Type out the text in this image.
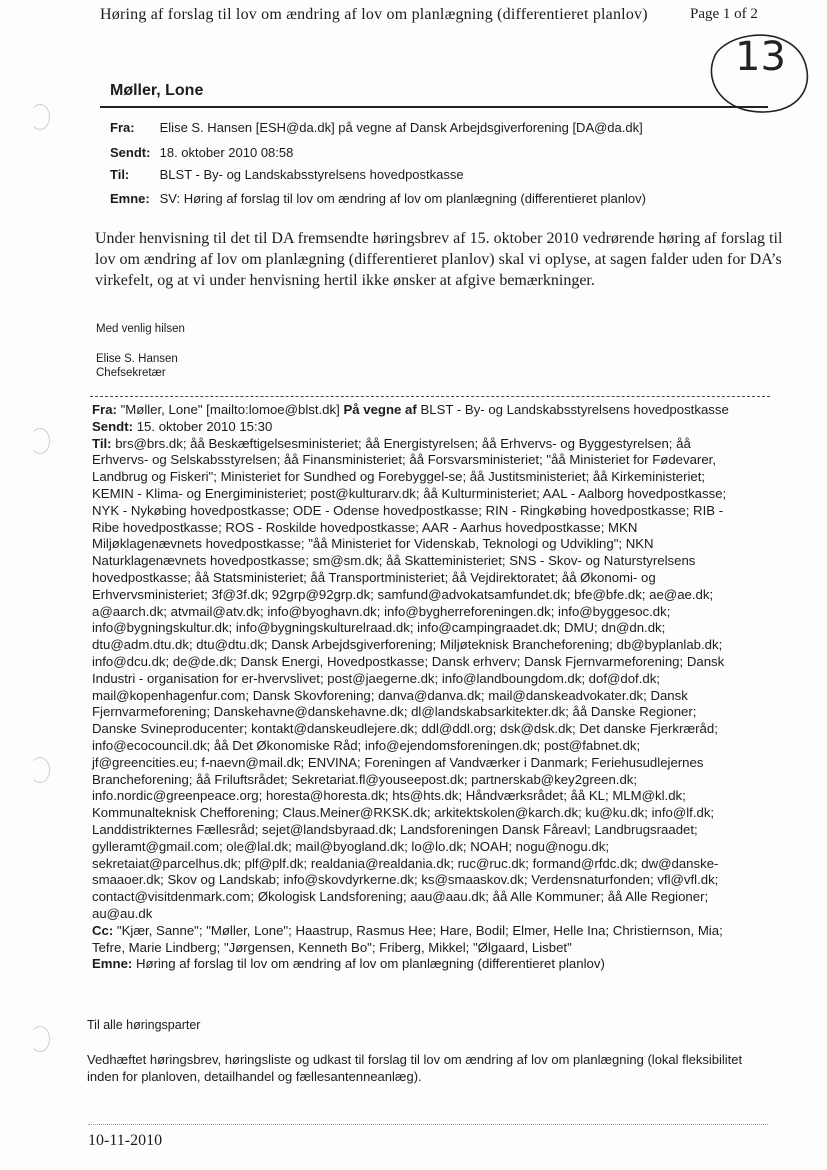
Høring af forslag til lov om ændring af lov om planlægning (differentieret planlov)	Page 1 of 2
13
Møller, Lone
Fra: Elise S. Hansen [ESH@da.dk] på vegne af Dansk Arbejdsgiverforening [DA@da.dk]
Sendt: 18. oktober 2010 08:58
Til: BLST - By- og Landskabsstyrelsens hovedpostkasse
Emne: SV: Høring af forslag til lov om ændring af lov om planlægning (differentieret planlov)
Under henvisning til det til DA fremsendte høringsbrev af 15. oktober 2010 vedrørende høring af forslag til lov om ændring af lov om planlægning (differentieret planlov) skal vi oplyse, at sagen falder uden for DA’s virkefelt, og at vi under henvisning hertil ikke ønsker at afgive bemærkninger.
Med venlig hilsen
Elise S. Hansen
Chefsekretær
Fra: "Møller, Lone" [mailto:lomoe@blst.dk] På vegne af BLST - By- og Landskabsstyrelsens hovedpostkasse
Sendt: 15. oktober 2010 15:30
Til: brs@brs.dk; åå Beskæftigelsesministeriet; åå Energistyrelsen; åå Erhvervs- og Byggestyrelsen; åå
Erhvervs- og Selskabsstyrelsen; åå Finansministeriet; åå Forsvarsministeriet; "åå Ministeriet for Fødevarer,
Landbrug og Fiskeri"; Ministeriet for Sundhed og Forebyggel-se; åå Justitsministeriet; åå Kirkeministeriet;
KEMIN - Klima- og Energiministeriet; post@kulturarv.dk; åå Kulturministeriet; AAL - Aalborg hovedpostkasse;
NYK - Nykøbing hovedpostkasse; ODE - Odense hovedpostkasse; RIN - Ringkøbing hovedpostkasse; RIB -
Ribe hovedpostkasse; ROS - Roskilde hovedpostkasse; AAR - Aarhus hovedpostkasse; MKN
Miljøklagenævnets hovedpostkasse; "åå Ministeriet for Videnskab, Teknologi og Udvikling"; NKN
Naturklagenævnets hovedpostkasse; sm@sm.dk; åå Skatteministeriet; SNS - Skov- og Naturstyrelsens
hovedpostkasse; åå Statsministeriet; åå Transportministeriet; åå Vejdirektoratet; åå Økonomi- og
Erhvervsministeriet; 3f@3f.dk; 92grp@92grp.dk; samfund@advokatsamfundet.dk; bfe@bfe.dk; ae@ae.dk;
a@aarch.dk; atvmail@atv.dk; info@byoghavn.dk; info@bygherreforeningen.dk; info@byggesoc.dk;
info@bygningskultur.dk; info@bygningskulturelraad.dk; info@campingraadet.dk; DMU; dn@dn.dk;
dtu@adm.dtu.dk; dtu@dtu.dk; Dansk Arbejdsgiverforening; Miljøteknisk Brancheforening; db@byplanlab.dk;
info@dcu.dk; de@de.dk; Dansk Energi, Hovedpostkasse; Dansk erhverv; Dansk Fjernvarmeforening; Dansk
Industri - organisation for er-hvervslivet; post@jaegerne.dk; info@landboungdom.dk; dof@dof.dk;
mail@kopenhagenfur.com; Dansk Skovforening; danva@danva.dk; mail@danskeadvokater.dk; Dansk
Fjernvarmeforening; Danskehavne@danskehavne.dk; dl@landskabsarkitekter.dk; åå Danske Regioner;
Danske Svineproducenter; kontakt@danskeudlejere.dk; ddl@ddl.org; dsk@dsk.dk; Det danske Fjerkræråd;
info@ecocouncil.dk; åå Det Økonomiske Råd; info@ejendomsforeningen.dk; post@fabnet.dk;
jf@greencities.eu; f-naevn@mail.dk; ENVINA; Foreningen af Vandværker i Danmark; Feriehusudlejernes
Brancheforening; åå Friluftsrådet; Sekretariat.fl@youseepost.dk; partnerskab@key2green.dk;
info.nordic@greenpeace.org; horesta@horesta.dk; hts@hts.dk; Håndværksrådet; åå KL; MLM@kl.dk;
Kommunalteknisk Chefforening; Claus.Meiner@RKSK.dk; arkitektskolen@karch.dk; ku@ku.dk; info@lf.dk;
Landdistrikternes Fællesråd; sejet@landsbyraad.dk; Landsforeningen Dansk Fåreavl; Landbrugsraadet;
gylleramt@gmail.com; ole@lal.dk; mail@byogland.dk; lo@lo.dk; NOAH; nogu@nogu.dk;
sekretaiat@parcelhus.dk; plf@plf.dk; realdania@realdania.dk; ruc@ruc.dk; formand@rfdc.dk; dw@danske-
smaaoer.dk; Skov og Landskab; info@skovdyrkerne.dk; ks@smaaskov.dk; Verdensnaturfonden; vfl@vfl.dk;
contact@visitdenmark.com; Økologisk Landsforening; aau@aau.dk; åå Alle Kommuner; åå Alle Regioner;
au@au.dk
Cc: "Kjær, Sanne"; "Møller, Lone"; Haastrup, Rasmus Hee; Hare, Bodil; Elmer, Helle Ina; Christiernson, Mia;
Tefre, Marie Lindberg; "Jørgensen, Kenneth Bo"; Friberg, Mikkel; "Ølgaard, Lisbet"
Emne: Høring af forslag til lov om ændring af lov om planlægning (differentieret planlov)
Til alle høringsparter
Vedhæftet høringsbrev, høringsliste og udkast til forslag til lov om ændring af lov om planlægning (lokal fleksibilitet inden for planloven, detailhandel og fællesantenneanlæg).
10-11-2010
